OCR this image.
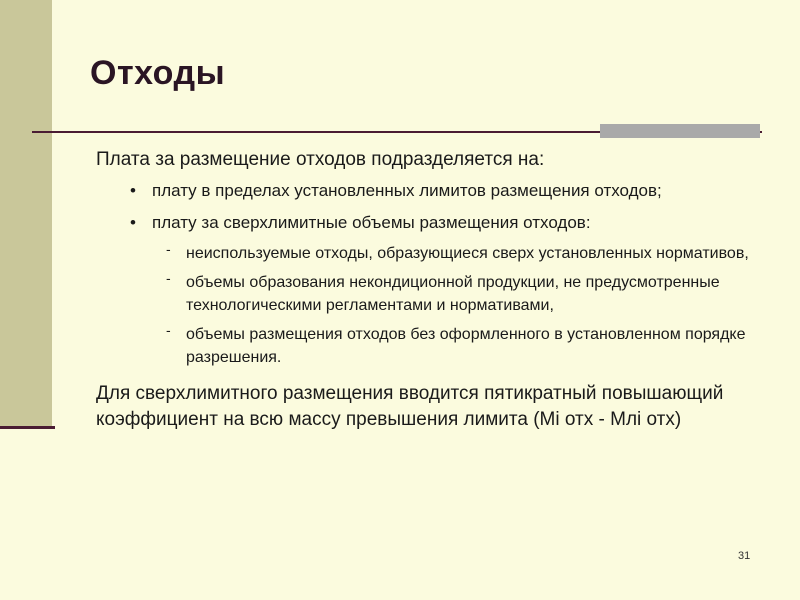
Отходы

Плата за размещение отходов подразделяется на:

• плату в пределах установленных лимитов размещения отходов;
• плату за сверхлимитные объемы размещения отходов:
- неиспользуемые отходы, образующиеся сверх установленных нормативов,
- объемы образования некондиционной продукции, не предусмотренные технологическими регламентами и нормативами,
- объемы размещения отходов без оформленного в установленном порядке разрешения.
Для сверхлимитного размещения вводится пятикратный повышающий коэффициент на всю массу превышения лимита (Мi отх - Млi отх)
31
